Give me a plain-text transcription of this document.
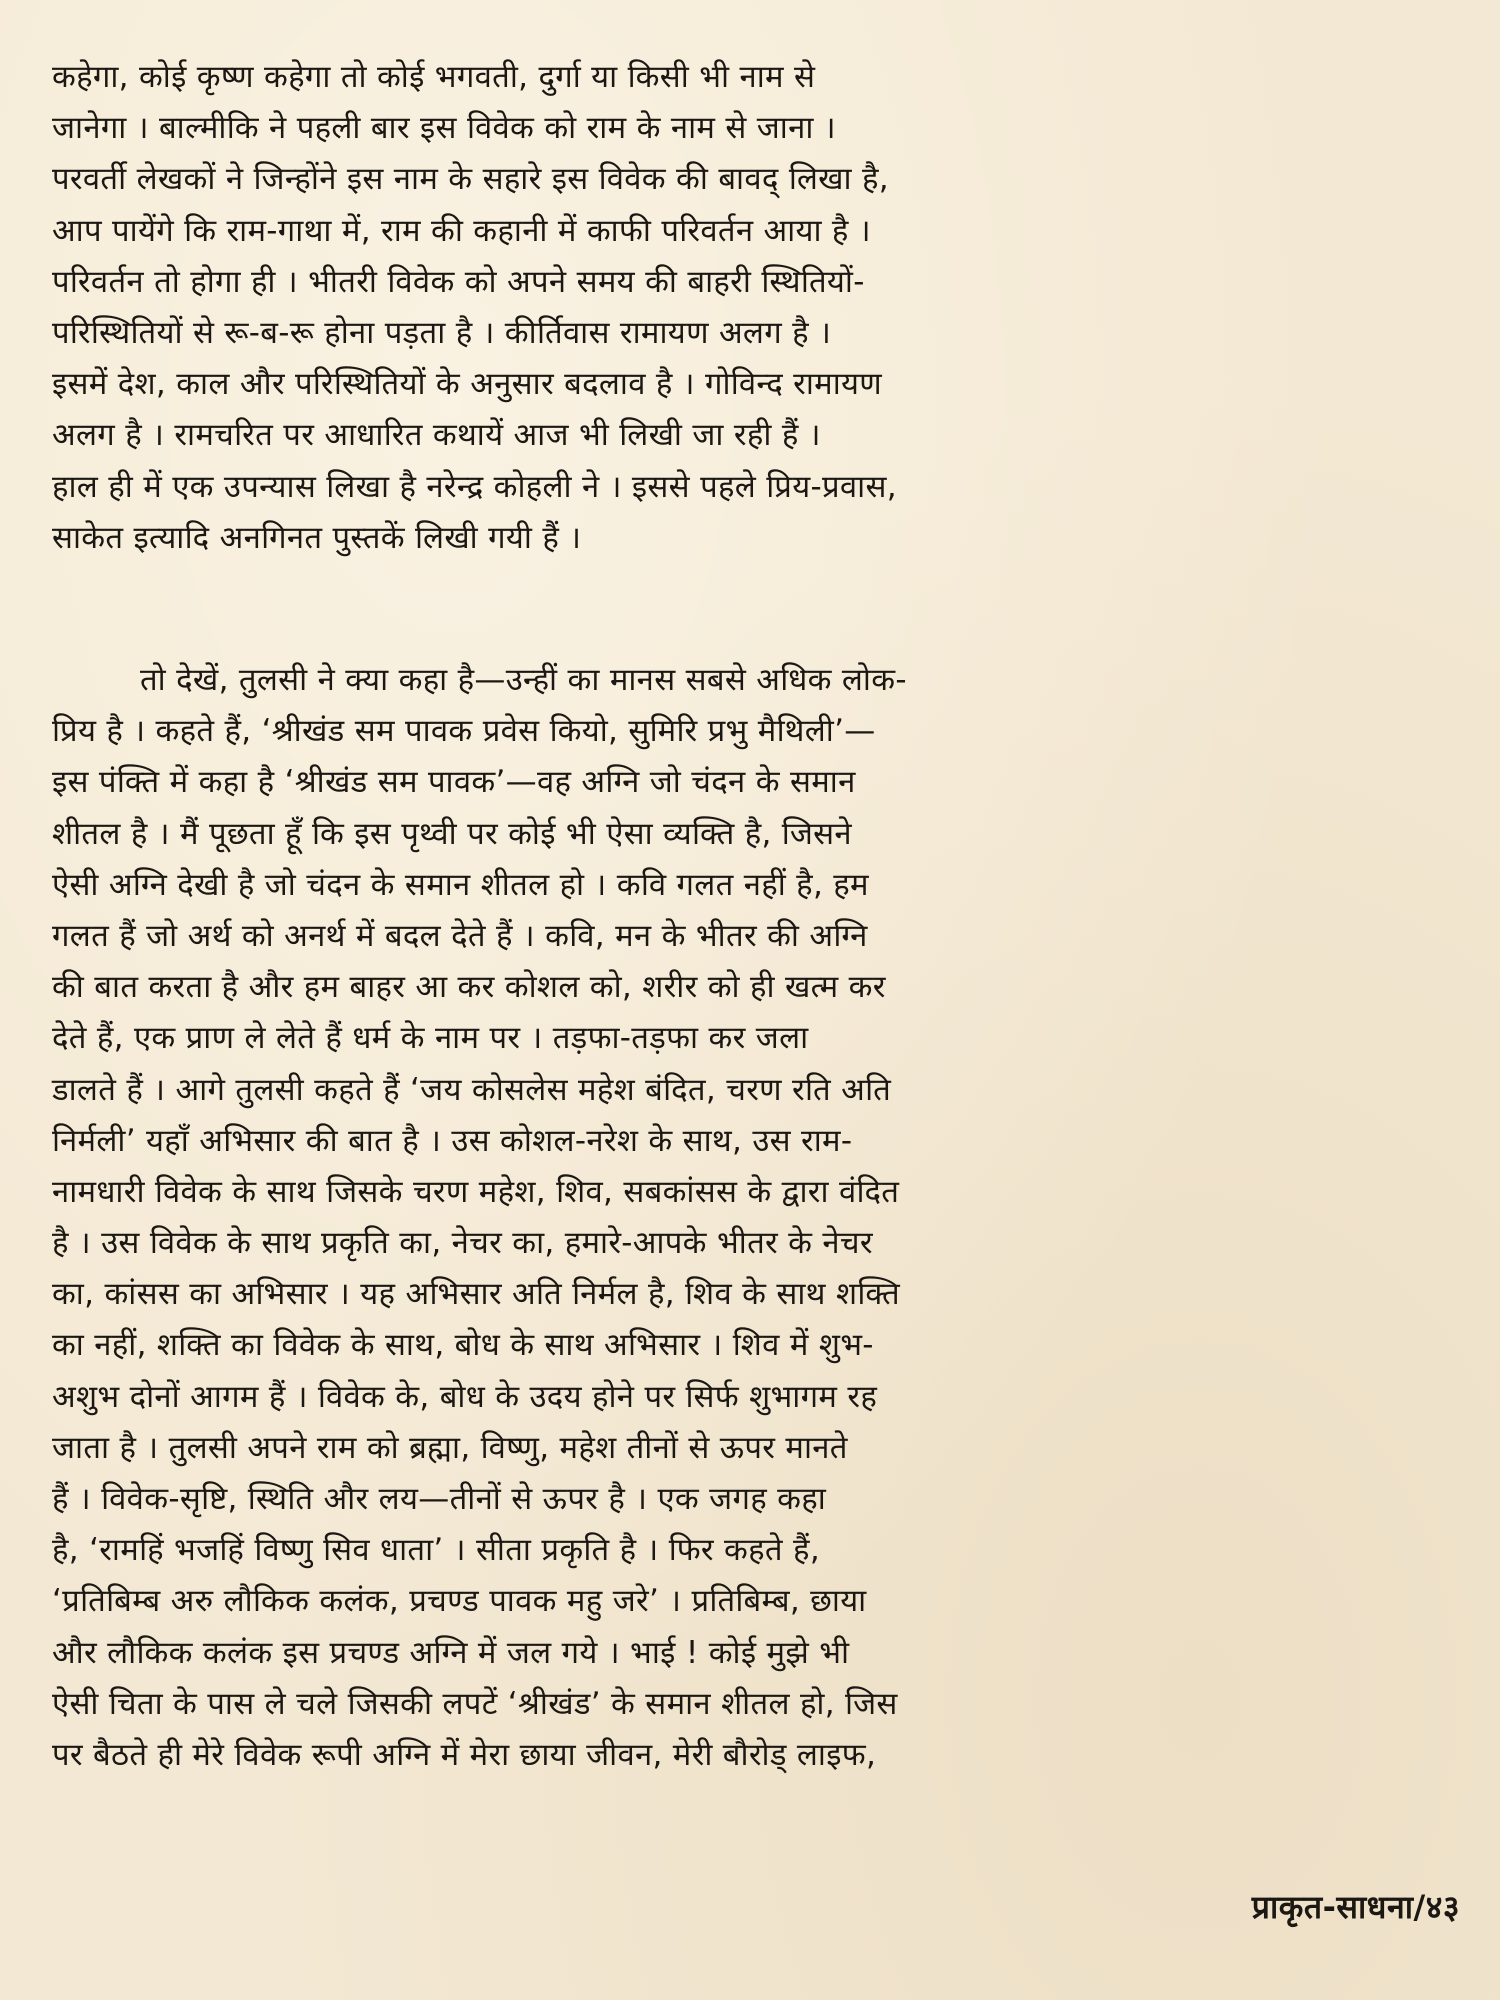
कहेगा, कोई कृष्ण कहेगा तो कोई भगवती, दुर्गा या किसी भी नाम से
जानेगा । बाल्मीकि ने पहली बार इस विवेक को राम के नाम से जाना ।
परवर्ती लेखकों ने जिन्होंने इस नाम के सहारे इस विवेक की बावद् लिखा है,
आप पायेंगे कि राम-गाथा में, राम की कहानी में काफी परिवर्तन आया है ।
परिवर्तन तो होगा ही । भीतरी विवेक को अपने समय की बाहरी स्थितियों-
परिस्थितियों से रू-ब-रू होना पड़ता है । कीर्तिवास रामायण अलग है ।
इसमें देश, काल और परिस्थितियों के अनुसार बदलाव है । गोविन्द रामायण
अलग है । रामचरित पर आधारित कथायें आज भी लिखी जा रही हैं ।
हाल ही में एक उपन्यास लिखा है नरेन्द्र कोहली ने । इससे पहले प्रिय-प्रवास,
साकेत इत्यादि अनगिनत पुस्तकें लिखी गयी हैं ।
तो देखें, तुलसी ने क्या कहा है—उन्हीं का मानस सबसे अधिक लोक-
प्रिय है । कहते हैं, ‘श्रीखंड सम पावक प्रवेस कियो, सुमिरि प्रभु मैथिली’—
इस पंक्ति में कहा है ‘श्रीखंड सम पावक’—वह अग्नि जो चंदन के समान
शीतल है । मैं पूछता हूँ कि इस पृथ्वी पर कोई भी ऐसा व्यक्ति है, जिसने
ऐसी अग्नि देखी है जो चंदन के समान शीतल हो । कवि गलत नहीं है, हम
गलत हैं जो अर्थ को अनर्थ में बदल देते हैं । कवि, मन के भीतर की अग्नि
की बात करता है और हम बाहर आ कर कोशल को, शरीर को ही खत्म कर
देते हैं, एक प्राण ले लेते हैं धर्म के नाम पर । तड़फा-तड़फा कर जला
डालते हैं । आगे तुलसी कहते हैं ‘जय कोसलेस महेश बंदित, चरण रति अति
निर्मली’ यहाँ अभिसार की बात है । उस कोशल-नरेश के साथ, उस राम-
नामधारी विवेक के साथ जिसके चरण महेश, शिव, सबकांसस के द्वारा वंदित
है । उस विवेक के साथ प्रकृति का, नेचर का, हमारे-आपके भीतर के नेचर
का, कांसस का अभिसार । यह अभिसार अति निर्मल है, शिव के साथ शक्ति
का नहीं, शक्ति का विवेक के साथ, बोध के साथ अभिसार । शिव में शुभ-
अशुभ दोनों आगम हैं । विवेक के, बोध के उदय होने पर सिर्फ शुभागम रह
जाता है । तुलसी अपने राम को ब्रह्मा, विष्णु, महेश तीनों से ऊपर मानते
हैं । विवेक-सृष्टि, स्थिति और लय—तीनों से ऊपर है । एक जगह कहा
है, ‘रामहिं भजहिं विष्णु सिव धाता’ । सीता प्रकृति है । फिर कहते हैं,
‘प्रतिबिम्ब अरु लौकिक कलंक, प्रचण्ड पावक महु जरे’ । प्रतिबिम्ब, छाया
और लौकिक कलंक इस प्रचण्ड अग्नि में जल गये । भाई ! कोई मुझे भी
ऐसी चिता के पास ले चले जिसकी लपटें ‘श्रीखंड’ के समान शीतल हो, जिस
पर बैठते ही मेरे विवेक रूपी अग्नि में मेरा छाया जीवन, मेरी बौरोड् लाइफ,
प्राकृत-साधना/४३
